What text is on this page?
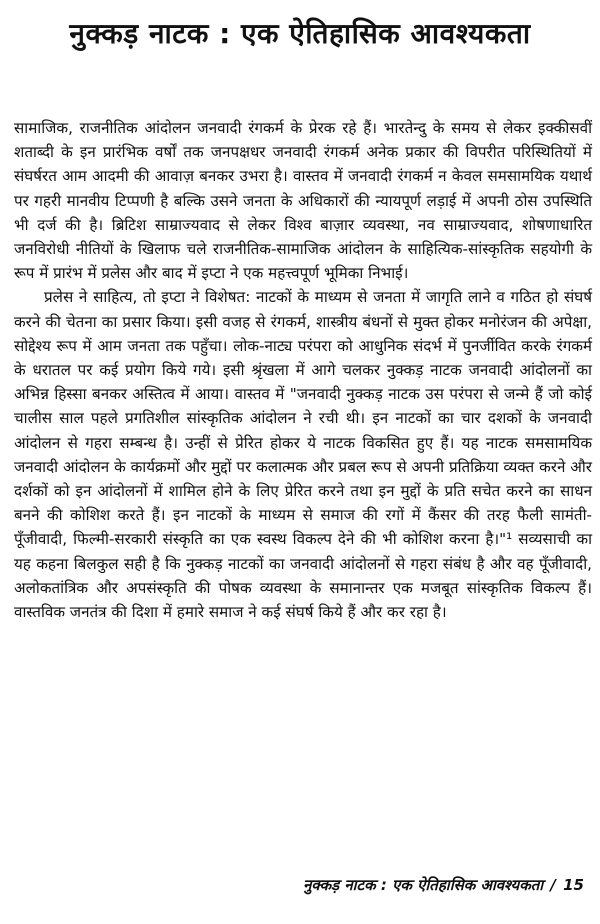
नुक्कड़ नाटक : एक ऐतिहासिक आवश्यकता

सामाजिक, राजनीतिक आंदोलन जनवादी रंगकर्म के प्रेरक रहे हैं। भारतेन्दु के समय से लेकर इक्कीसवीं शताब्दी के इन प्रारंभिक वर्षों तक जनपक्षधर जनवादी रंगकर्म अनेक प्रकार की विपरीत परिस्थितियों में संघर्षरत आम आदमी की आवाज़ बनकर उभरा है। वास्तव में जनवादी रंगकर्म न केवल समसामयिक यथार्थ पर गहरी मानवीय टिप्पणी है बल्कि उसने जनता के अधिकारों की न्यायपूर्ण लड़ाई में अपनी ठोस उपस्थिति भी दर्ज की है। ब्रिटिश साम्राज्यवाद से लेकर विश्व बाज़ार व्यवस्था, नव साम्राज्यवाद, शोषणाधारित जनविरोधी नीतियों के खिलाफ चले राजनीतिक-सामाजिक आंदोलन के साहित्यिक-सांस्कृतिक सहयोगी के रूप में प्रारंभ में प्रलेस और बाद में इप्टा ने एक महत्त्वपूर्ण भूमिका निभाई।

प्रलेस ने साहित्य, तो इप्टा ने विशेषत: नाटकों के माध्यम से जनता में जागृति लाने व गठित हो संघर्ष करने की चेतना का प्रसार किया। इसी वजह से रंगकर्म, शास्त्रीय बंधनों से मुक्त होकर मनोरंजन की अपेक्षा, सोद्देश्य रूप में आम जनता तक पहुँचा। लोक-नाट्य परंपरा को आधुनिक संदर्भ में पुनर्जीवित करके रंगकर्म के धरातल पर कई प्रयोग किये गये। इसी श्रृंखला में आगे चलकर नुक्कड़ नाटक जनवादी आंदोलनों का अभिन्न हिस्सा बनकर अस्तित्व में आया। वास्तव में "जनवादी नुक्कड़ नाटक उस परंपरा से जन्मे हैं जो कोई चालीस साल पहले प्रगतिशील सांस्कृतिक आंदोलन ने रची थी। इन नाटकों का चार दशकों के जनवादी आंदोलन से गहरा सम्बन्ध है। उन्हीं से प्रेरित होकर ये नाटक विकसित हुए हैं। यह नाटक समसामयिक जनवादी आंदोलन के कार्यक्रमों और मुद्दों पर कलात्मक और प्रबल रूप से अपनी प्रतिक्रिया व्यक्त करने और दर्शकों को इन आंदोलनों में शामिल होने के लिए प्रेरित करने तथा इन मुद्दों के प्रति सचेत करने का साधन बनने की कोशिश करते हैं। इन नाटकों के माध्यम से समाज की रगों में कैंसर की तरह फैली सामंती-पूँजीवादी, फिल्मी-सरकारी संस्कृति का एक स्वस्थ विकल्प देने की भी कोशिश करना है।"¹ सव्यसाची का यह कहना बिलकुल सही है कि नुक्कड़ नाटकों का जनवादी आंदोलनों से गहरा संबंध है और वह पूँजीवादी, अलोकतांत्रिक और अपसंस्कृति की पोषक व्यवस्था के समानान्तर एक मजबूत सांस्कृतिक विकल्प हैं। वास्तविक जनतंत्र की दिशा में हमारे समाज ने कई संघर्ष किये हैं और कर रहा है।

नुक्कड़ नाटक : एक ऐतिहासिक आवश्यकता / 15
